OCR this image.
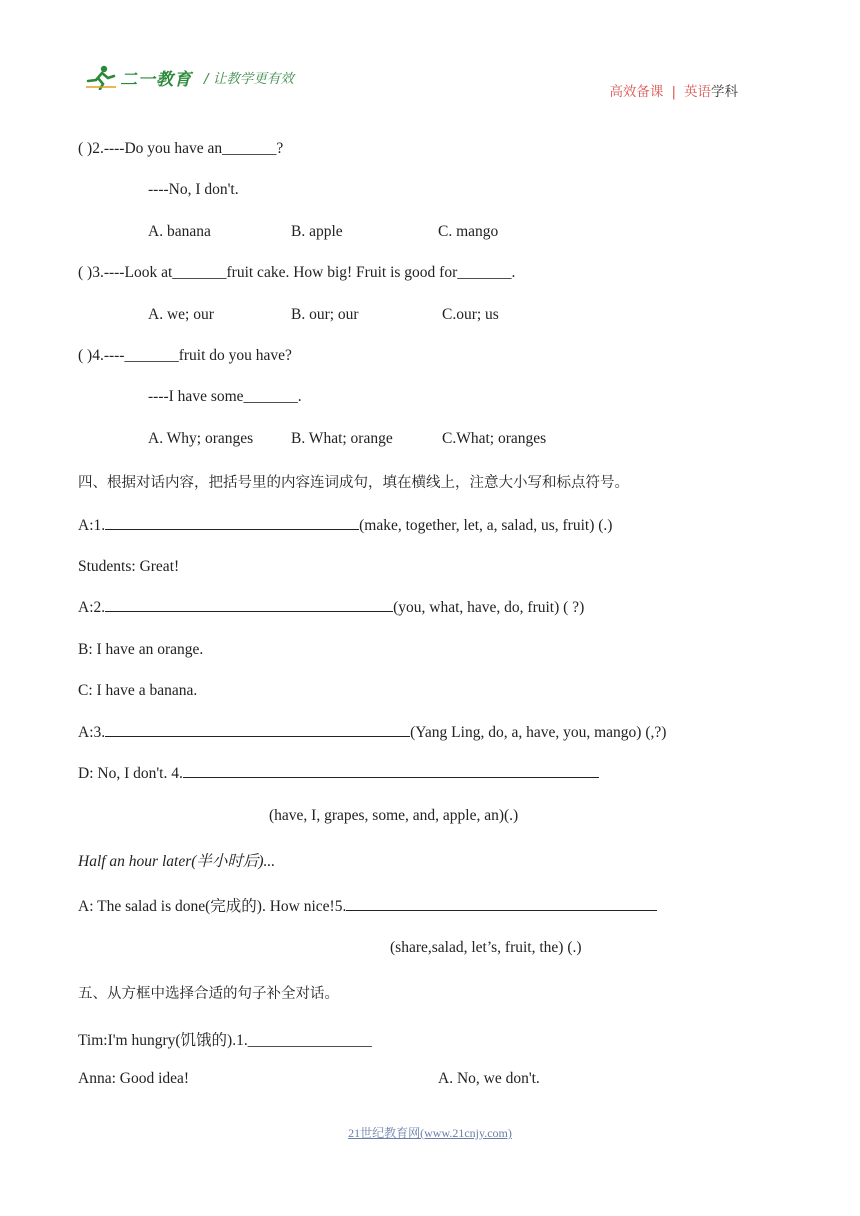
二一教育 / 让教学更有效
高效备课 | 英语学科
( )2.----Do you have an_______?
----No, I don't.
A. banana	B. apple	C. mango
( )3.----Look at_______fruit cake. How big! Fruit is good for_______.
A. we; our	B. our; our	C.our; us
( )4.----_______fruit do you have?
----I have some_______.
A. Why; oranges B. What; orange	C.What; oranges
四、根据对话内容，把括号里的内容连词成句，填在横线上，注意大小写和标点符号。
A:1.	(make, together, let, a, salad, us, fruit) (.)
Students: Great!
A:2.	(you, what, have, do, fruit) ( ?)
B: I have an orange.
C: I have a banana.
A:3.	(Yang Ling, do, a, have, you, mango) (,?)
D: No, I don't. 4.
(have, I, grapes, some, and, apple, an)(.)
Half an hour later(半小时后)...
A: The salad is done(完成的). How nice!5.
(share,salad, let’s, fruit, the) (.)
五、从方框中选择合适的句子补全对话。
Tim:I'm hungry(饥饿的).1.________________
Anna: Good idea!	A. No, we don't.
21世纪教育网(www.21cnjy.com)
